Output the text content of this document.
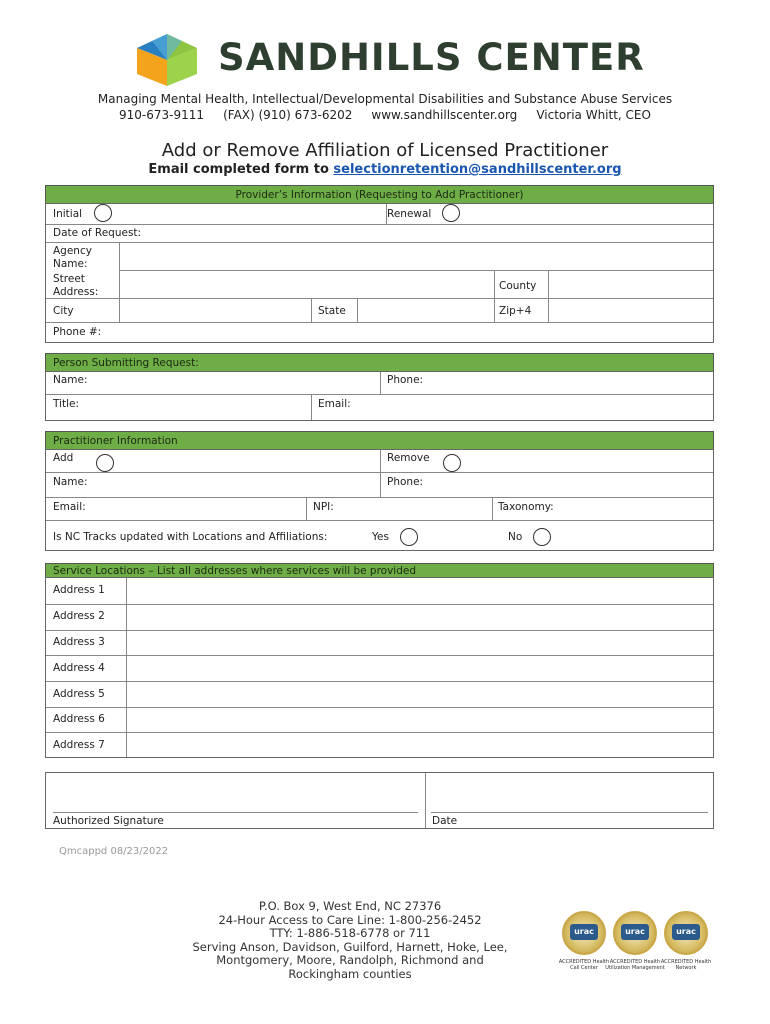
SANDHILLS CENTER
Managing Mental Health, Intellectual/Developmental Disabilities and Substance Abuse Services
910-673-9111     (FAX) (910) 673-6202     www.sandhillscenter.org     Victoria Whitt, CEO
Add or Remove Affiliation of Licensed Practitioner
Email completed form to selectionretention@sandhillscenter.org
Provider’s Information (Requesting to Add Practitioner)
Initial	Renewal
Date of Request:
Agency Name:
Street Address:	County
City	State	Zip+4
Phone #:
Person Submitting Request:
Name:	Phone:
Title:	Email:
Practitioner Information
Add	Remove
Name:	Phone:
Email:	NPI:	Taxonomy:
Is NC Tracks updated with Locations and Affiliations:	Yes	No
Service Locations – List all addresses where services will be provided
Address 1
Address 2
Address 3
Address 4
Address 5
Address 6
Address 7
Authorized Signature	Date
Qmcappd 08/23/2022
P.O. Box 9, West End, NC 27376
24-Hour Access to Care Line: 1-800-256-2452
TTY: 1-886-518-6778 or 711
Serving Anson, Davidson, Guilford, Harnett, Hoke, Lee,
Montgomery, Moore, Randolph, Richmond and
Rockingham counties
urac
ACCREDITED Health Call Center
urac
ACCREDITED Health Utilization Management
urac
ACCREDITED Health Network
